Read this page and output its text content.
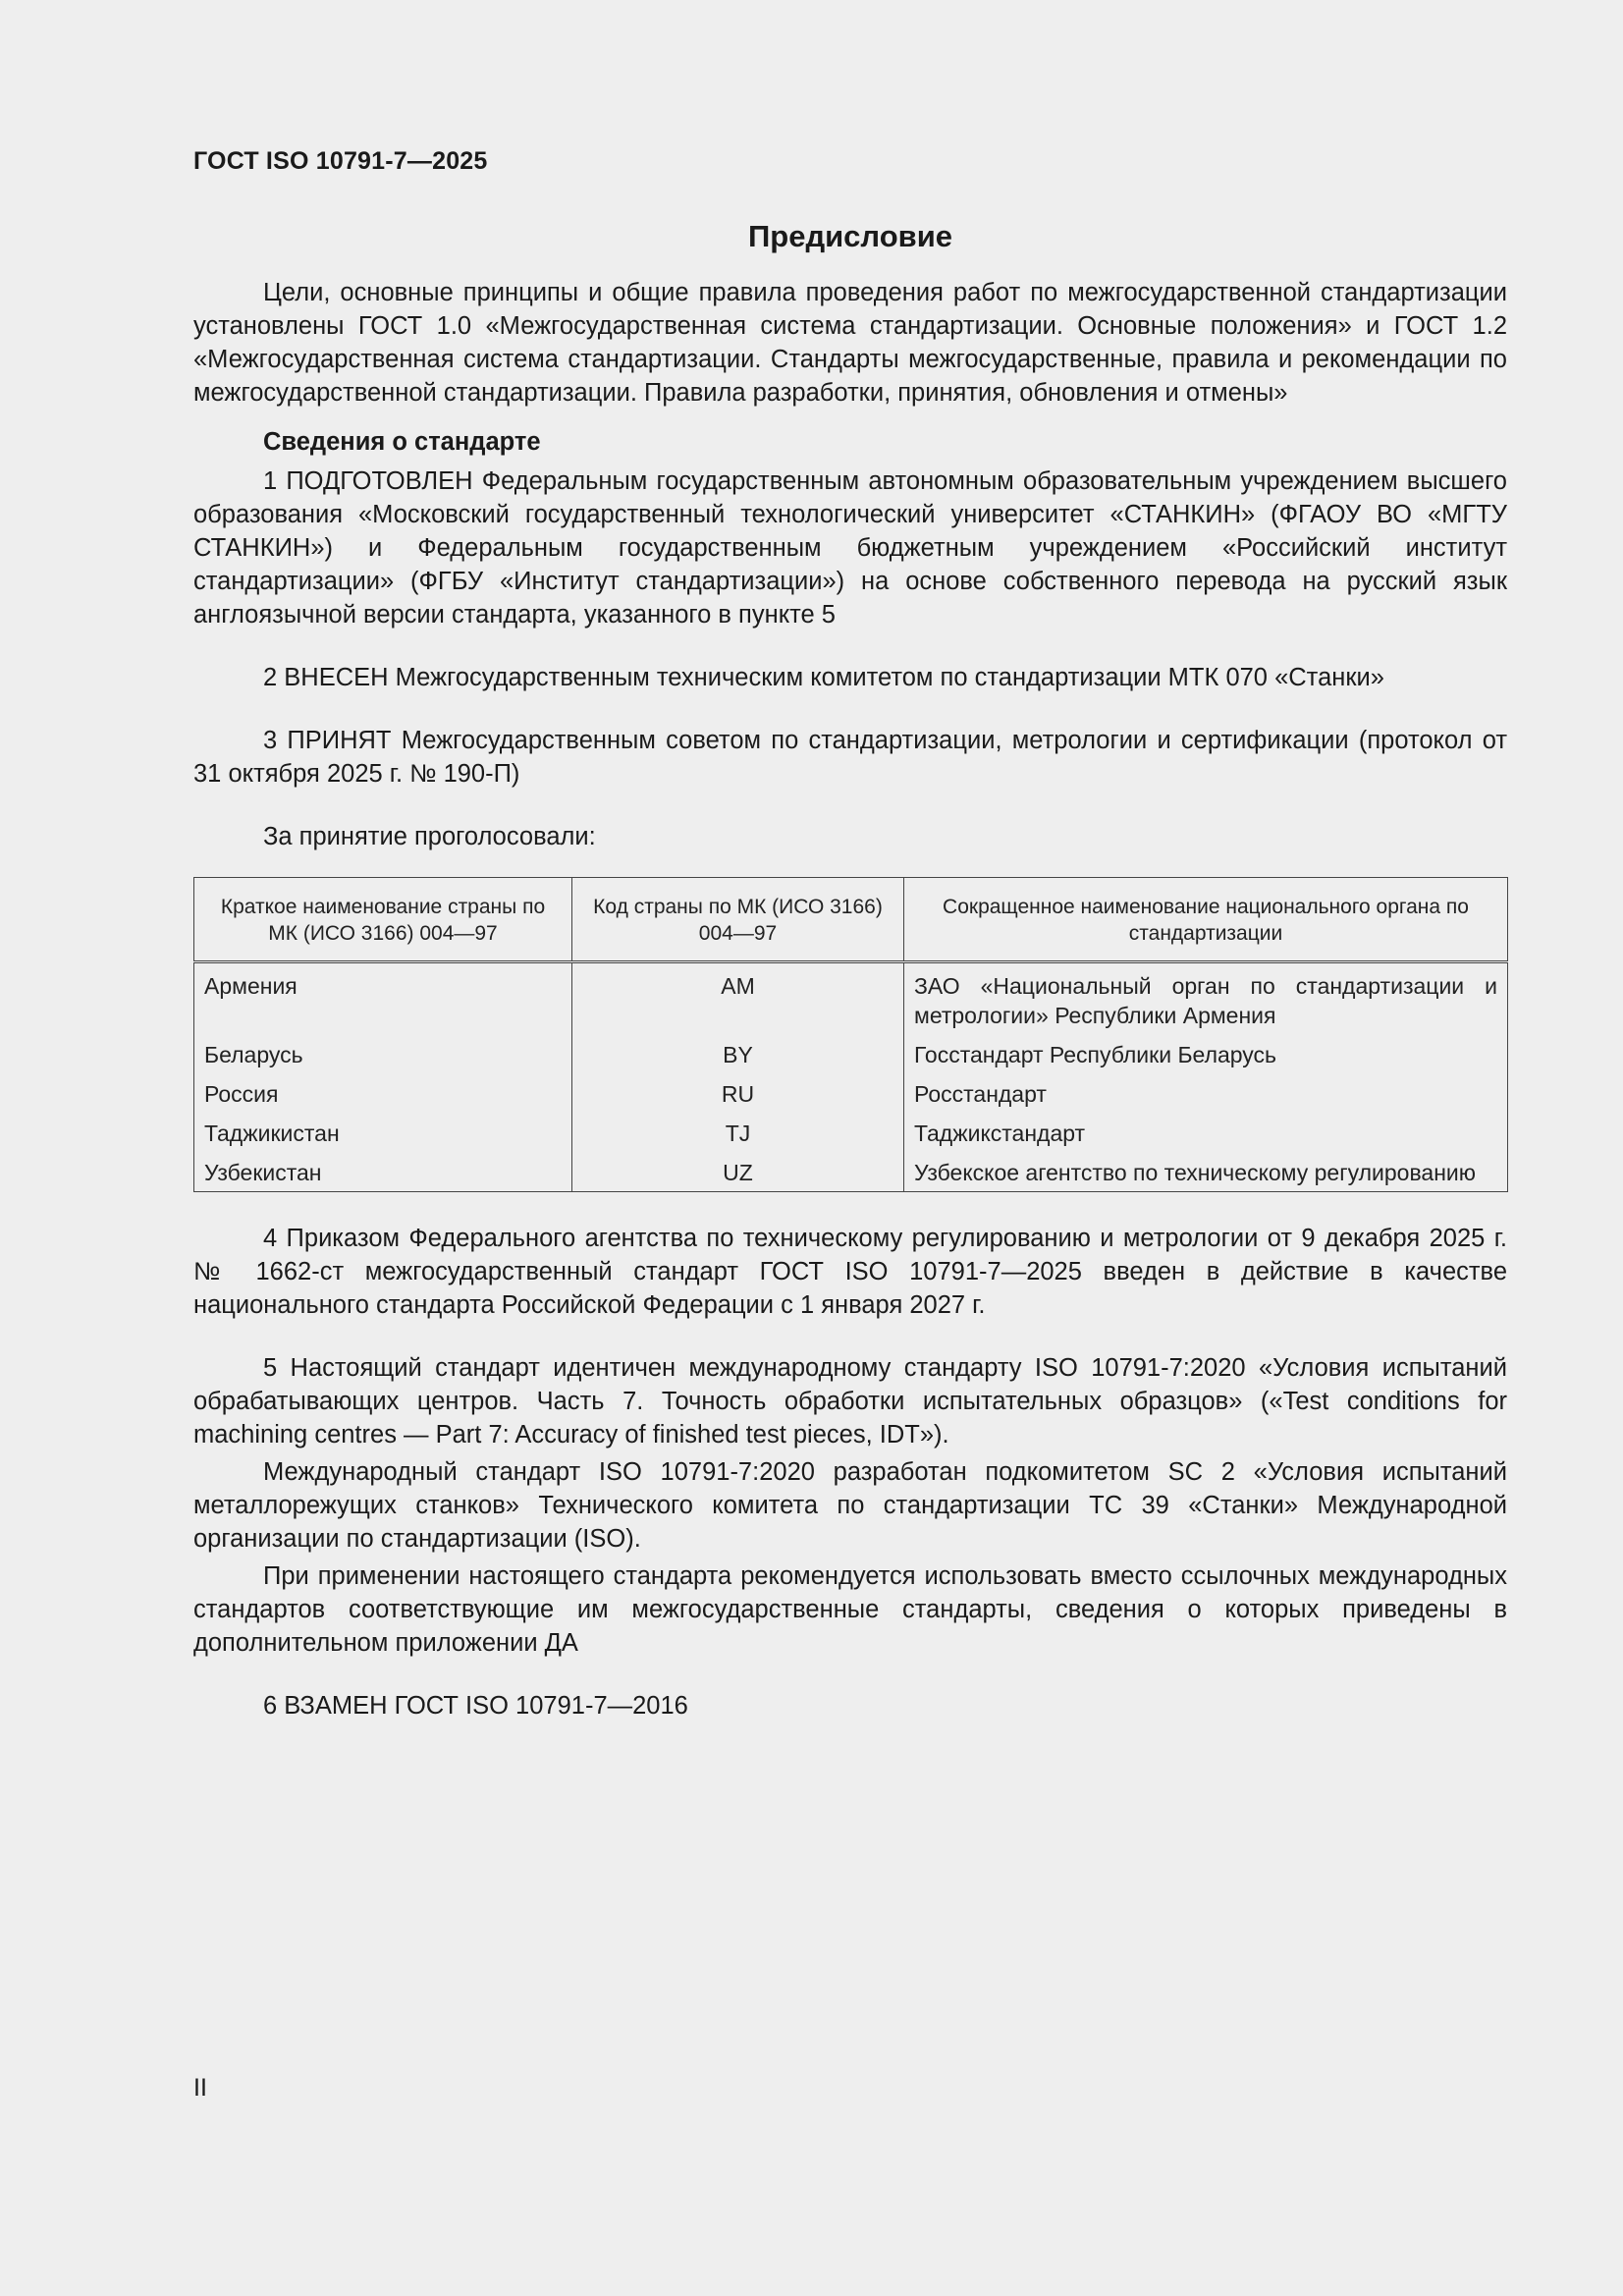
ГОСТ ISO 10791-7—2025
Предисловие

Цели, основные принципы и общие правила проведения работ по межгосударственной стандартизации установлены ГОСТ 1.0 «Межгосударственная система стандартизации. Основные положения» и ГОСТ 1.2 «Межгосударственная система стандартизации. Стандарты межгосударственные, правила и рекомендации по межгосударственной стандартизации. Правила разработки, принятия, обновления и отмены»

Сведения о стандарте

1 ПОДГОТОВЛЕН Федеральным государственным автономным образовательным учреждением высшего образования «Московский государственный технологический университет «СТАНКИН» (ФГАОУ ВО «МГТУ СТАНКИН») и Федеральным государственным бюджетным учреждением «Российский институт стандартизации» (ФГБУ «Институт стандартизации») на основе собственного перевода на русский язык англоязычной версии стандарта, указанного в пункте 5

2 ВНЕСЕН Межгосударственным техническим комитетом по стандартизации МТК 070 «Станки»

3 ПРИНЯТ Межгосударственным советом по стандартизации, метрологии и сертификации (протокол от 31 октября 2025 г. № 190-П)

За принятие проголосовали:

Краткое наименование страны по МК (ИСО 3166) 004—97	Код страны по МК (ИСО 3166) 004—97	Сокращенное наименование национального органа по стандартизации
Армения	AM	ЗАО «Национальный орган по стандартизации и метрологии» Республики Армения
Беларусь	BY	Госстандарт Республики Беларусь
Россия	RU	Росстандарт
Таджикистан	TJ	Таджикстандарт
Узбекистан	UZ	Узбекское агентство по техническому регулированию

4 Приказом Федерального агентства по техническому регулированию и метрологии от 9 декабря 2025 г. № 1662-ст межгосударственный стандарт ГОСТ ISO 10791-7—2025 введен в действие в качестве национального стандарта Российской Федерации с 1 января 2027 г.

5 Настоящий стандарт идентичен международному стандарту ISO 10791-7:2020 «Условия испытаний обрабатывающих центров. Часть 7. Точность обработки испытательных образцов» («Test conditions for machining centres — Part 7: Accuracy of finished test pieces, IDT»).

Международный стандарт ISO 10791-7:2020 разработан подкомитетом SC 2 «Условия испытаний металлорежущих станков» Технического комитета по стандартизации ТС 39 «Станки» Международной организации по стандартизации (ISO).

При применении настоящего стандарта рекомендуется использовать вместо ссылочных международных стандартов соответствующие им межгосударственные стандарты, сведения о которых приведены в дополнительном приложении ДА

6 ВЗАМЕН ГОСТ ISO 10791-7—2016

II
